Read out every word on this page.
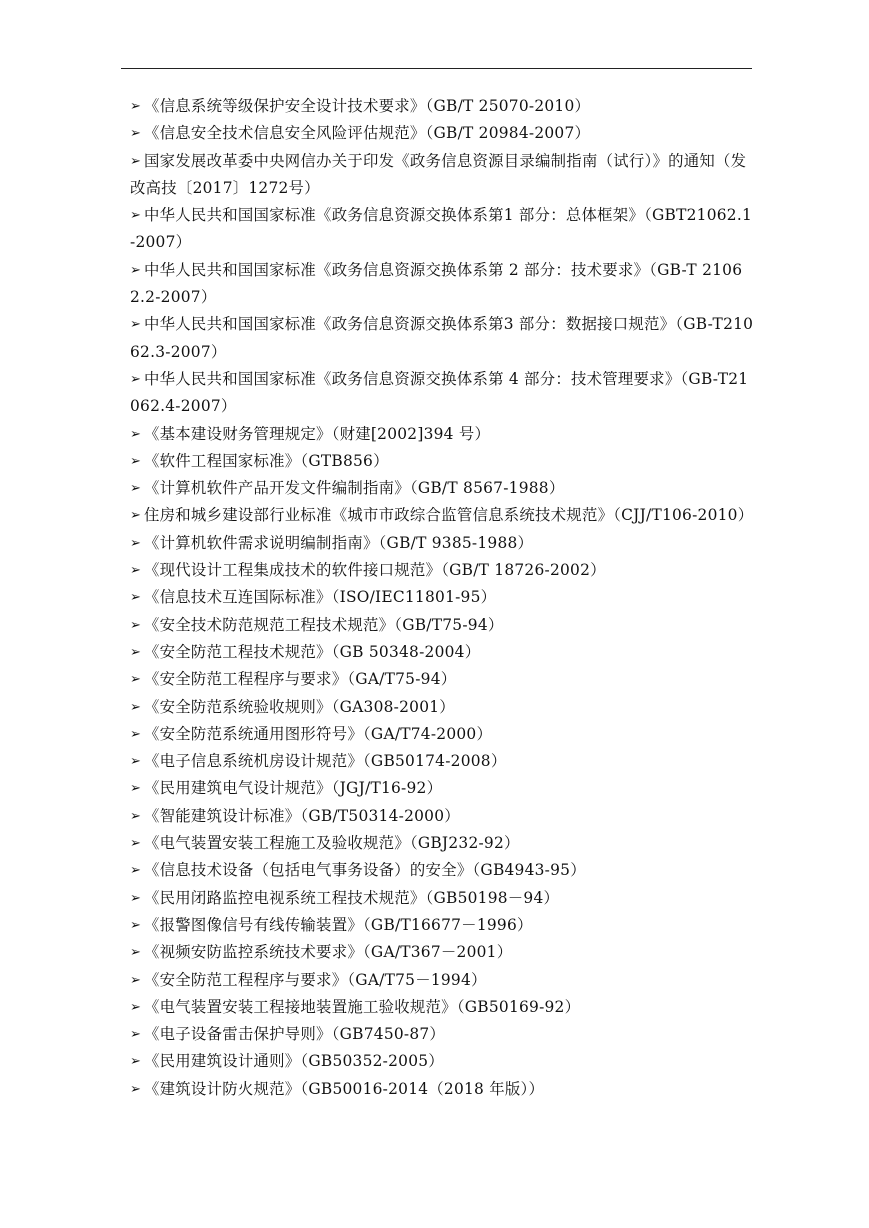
➢ 《信息系统等级保护安全设计技术要求》（GB/T 25070-2010）
➢ 《信息安全技术信息安全风险评估规范》（GB/T 20984-2007）
➢ 国家发展改革委中央网信办关于印发《政务信息资源目录编制指南（试行）》的通知（发改高技〔2017〕1272号）
➢ 中华人民共和国国家标准《政务信息资源交换体系第1 部分：总体框架》（GBT21062.1-2007）
➢ 中华人民共和国国家标准《政务信息资源交换体系第 2 部分：技术要求》（GB-T 21062.2-2007）
➢ 中华人民共和国国家标准《政务信息资源交换体系第3 部分：数据接口规范》（GB-T21062.3-2007）
➢ 中华人民共和国国家标准《政务信息资源交换体系第 4 部分：技术管理要求》（GB-T21062.4-2007）
➢ 《基本建设财务管理规定》（财建[2002]394 号）
➢ 《软件工程国家标准》（GTB856）
➢ 《计算机软件产品开发文件编制指南》（GB/T 8567-1988）
➢ 住房和城乡建设部行业标准《城市市政综合监管信息系统技术规范》（CJJ/T106-2010）
➢ 《计算机软件需求说明编制指南》（GB/T 9385-1988）
➢ 《现代设计工程集成技术的软件接口规范》（GB/T 18726-2002）
➢ 《信息技术互连国际标准》（ISO/IEC11801-95）
➢ 《安全技术防范规范工程技术规范》（GB/T75-94）
➢ 《安全防范工程技术规范》（GB 50348-2004）
➢ 《安全防范工程程序与要求》（GA/T75-94）
➢ 《安全防范系统验收规则》（GA308-2001）
➢ 《安全防范系统通用图形符号》（GA/T74-2000）
➢ 《电子信息系统机房设计规范》（GB50174-2008）
➢ 《民用建筑电气设计规范》（JGJ/T16-92）
➢ 《智能建筑设计标准》（GB/T50314-2000）
➢ 《电气装置安装工程施工及验收规范》（GBJ232-92）
➢ 《信息技术设备（包括电气事务设备）的安全》（GB4943-95）
➢ 《民用闭路监控电视系统工程技术规范》（GB50198－94）
➢ 《报警图像信号有线传输装置》（GB/T16677－1996）
➢ 《视频安防监控系统技术要求》（GA/T367－2001）
➢ 《安全防范工程程序与要求》（GA/T75－1994）
➢ 《电气装置安装工程接地装置施工验收规范》（GB50169-92）
➢ 《电子设备雷击保护导则》（GB7450-87）
➢ 《民用建筑设计通则》（GB50352-2005）
➢ 《建筑设计防火规范》（GB50016-2014（2018 年版））
